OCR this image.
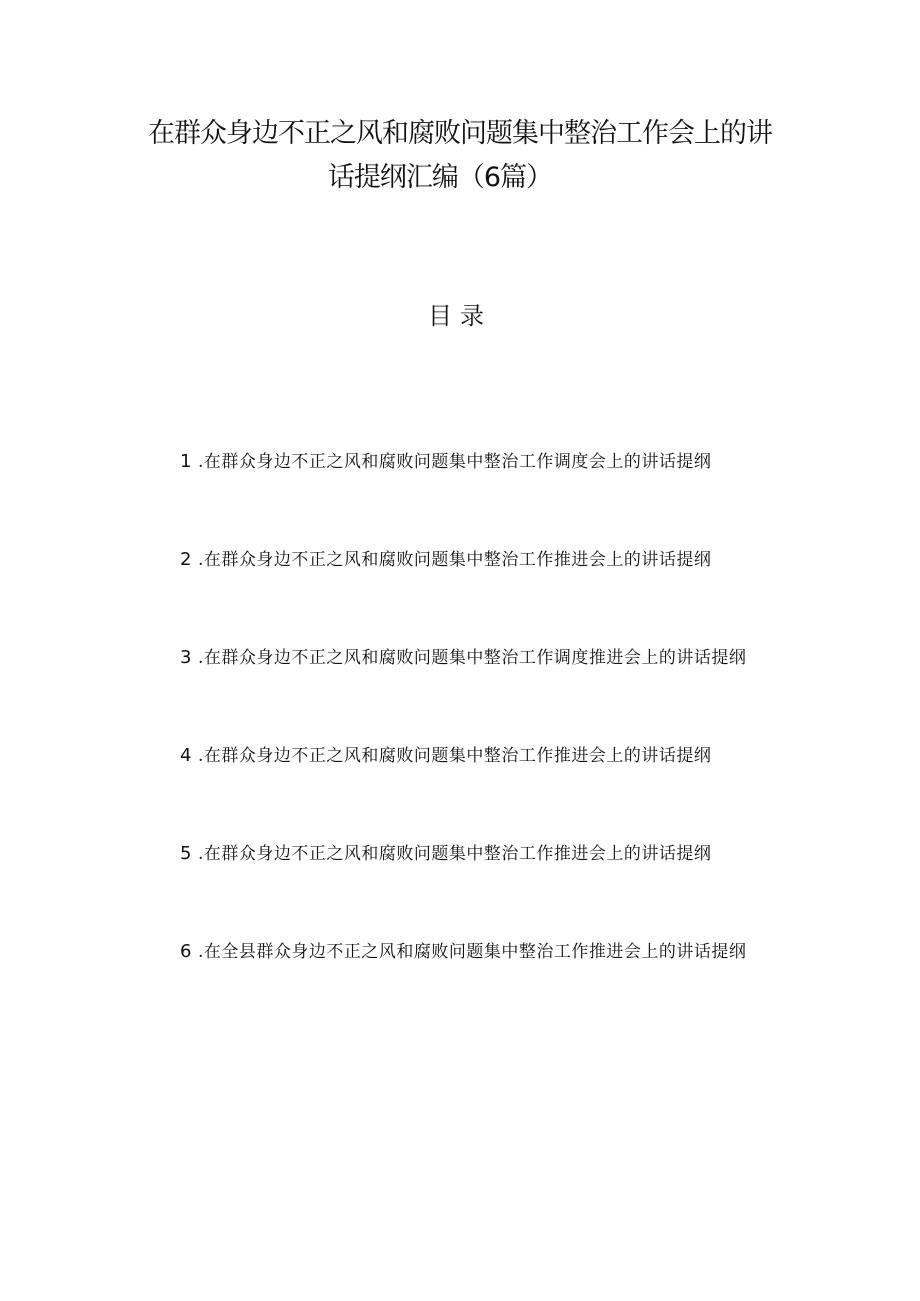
在群众身边不正之风和腐败问题集中整治工作会上的讲
话提纲汇编（6篇）
目录
1 .在群众身边不正之风和腐败问题集中整治工作调度会上的讲话提纲
2 .在群众身边不正之风和腐败问题集中整治工作推进会上的讲话提纲
3 .在群众身边不正之风和腐败问题集中整治工作调度推进会上的讲话提纲
4 .在群众身边不正之风和腐败问题集中整治工作推进会上的讲话提纲
5 .在群众身边不正之风和腐败问题集中整治工作推进会上的讲话提纲
6 .在全县群众身边不正之风和腐败问题集中整治工作推进会上的讲话提纲
